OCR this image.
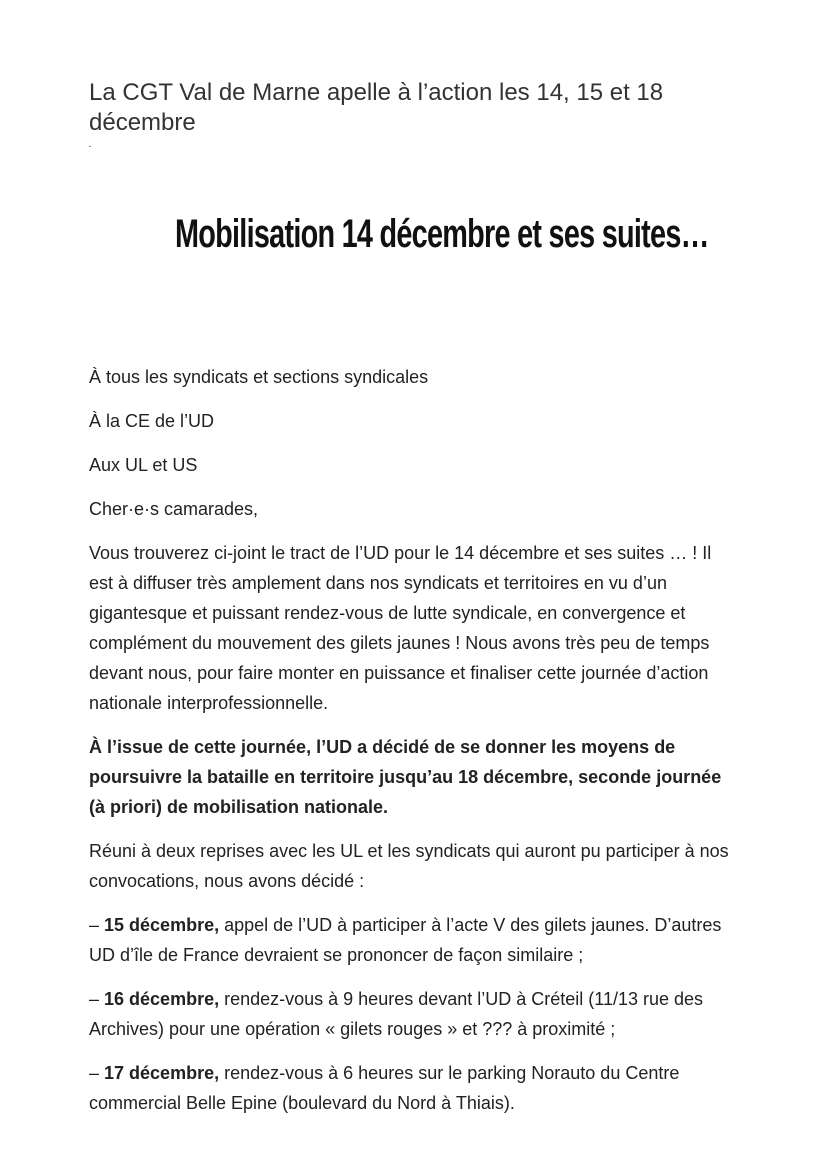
La CGT Val de Marne apelle à l’action les 14, 15 et 18 décembre
Mobilisation 14 décembre et ses suites…

À tous les syndicats et sections syndicales

À la CE de l’UD

Aux UL et US

Cher·e·s camarades,

Vous trouverez ci-joint le tract de l’UD pour le 14 décembre et ses suites … ! Il est à diffuser très amplement dans nos syndicats et territoires en vu d’un gigantesque et puissant rendez-vous de lutte syndicale, en convergence et complément du mouvement des gilets jaunes ! Nous avons très peu de temps devant nous, pour faire monter en puissance et finaliser cette journée d’action nationale interprofessionnelle.

À l’issue de cette journée, l’UD a décidé de se donner les moyens de poursuivre la bataille en territoire jusqu’au 18 décembre, seconde journée (à priori) de mobilisation nationale.

Réuni à deux reprises avec les UL et les syndicats qui auront pu participer à nos convocations, nous avons décidé :

– 15 décembre, appel de l’UD à participer à l’acte V des gilets jaunes. D’autres UD d’île de France devraient se prononcer de façon similaire ;

– 16 décembre, rendez-vous à 9 heures devant l’UD à Créteil (11/13 rue des Archives) pour une opération « gilets rouges » et ??? à proximité ;

– 17 décembre, rendez-vous à 6 heures sur le parking Norauto du Centre commercial Belle Epine (boulevard du Nord à Thiais).
